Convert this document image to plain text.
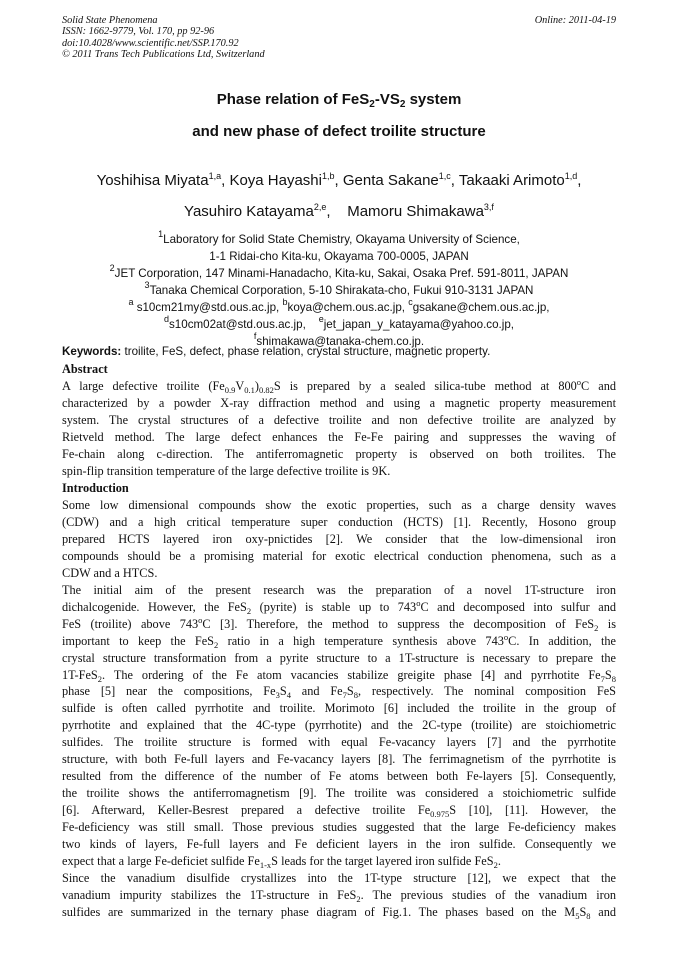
Solid State Phenomena
ISSN: 1662-9779, Vol. 170, pp 92-96
doi:10.4028/www.scientific.net/SSP.170.92
© 2011 Trans Tech Publications Ltd, Switzerland
Online: 2011-04-19
Phase relation of $FeS_2-VS_2$ system
and new phase of defect troilite structure
Yoshihisa Miyata$^{1,a}$, Koya Hayashi$^{1,b}$, Genta Sakane$^{1,c}$, Takaaki Arimoto$^{1,d}$,
Yasuhiro Katayama$^{2,e}$,    Mamoru Shimakawa$^{3,f}$
$^1$Laboratory for Solid State Chemistry, Okayama University of Science,
1-1 Ridai-cho Kita-ku, Okayama 700-0005, JAPAN
$^2$JET Corporation, 147 Minami-Hanadacho, Kita-ku, Sakai, Osaka Pref. 591-8011, JAPAN
$^3$Tanaka Chemical Corporation, 5-10 Shirakata-cho, Fukui 910-3131 JAPAN
$^a$ s10cm21my@std.ous.ac.jp, $^b$koya@chem.ous.ac.jp, $^c$gsakane@chem.ous.ac.jp,
$^d$s10cm02at@std.ous.ac.jp, $^e$jet_japan_y_katayama@yahoo.co.jp,
$^f$shimakawa@tanaka-chem.co.jp.
Keywords: troilite, FeS, defect, phase relation, crystal structure, magnetic property.
Abstract
A large defective troilite $(Fe_{0.9}V_{0.1})_{0.82}S$ is prepared by a sealed silica-tube method at 800$^o$C and
characterized by a powder X-ray diffraction method and using a magnetic property measurement
system. The crystal structures of a defective troilite and non defective troilite are analyzed by
Rietveld method. The large defect enhances the Fe-Fe pairing and suppresses the waving of
Fe-chain along c-direction. The antiferromagnetic property is observed on both troilites. The
spin-flip transition temperature of the large defective troilite is 9K.
Introduction
Some low dimensional compounds show the exotic properties, such as a charge density waves
(CDW) and a high critical temperature super conduction (HCTS) [1]. Recently, Hosono group
prepared HCTS layered iron oxy-pnictides [2]. We consider that the low-dimensional iron
compounds should be a promising material for exotic electrical conduction phenomena, such as a
CDW and a HTCS.
The initial aim of the present research was the preparation of a novel 1T-structure iron
dichalcogenide. However, the FeS$_2$ (pyrite) is stable up to 743$^o$C and decomposed into sulfur and
FeS (troilite) above 743$^o$C [3]. Therefore, the method to suppress the decomposition of FeS$_2$ is
important to keep the FeS$_2$ ratio in a high temperature synthesis above 743$^o$C. In addition, the
crystal structure transformation from a pyrite structure to a 1T-structure is necessary to prepare the
1T-FeS$_2$. The ordering of the Fe atom vacancies stabilize greigite phase [4] and pyrrhotite $Fe_7S_8$
phase [5] near the compositions, $Fe_3S_4$ and $Fe_7S_8$, respectively. The nominal composition FeS
sulfide is often called pyrrhotite and troilite. Morimoto [6] included the troilite in the group of
pyrrhotite and explained that the 4C-type (pyrrhotite) and the 2C-type (troilite) are stoichiometric
sulfides. The troilite structure is formed with equal Fe-vacancy layers [7] and the pyrrhotite
structure, with both Fe-full layers and Fe-vacancy layers [8]. The ferrimagnetism of the pyrrhotite is
resulted from the difference of the number of Fe atoms between both Fe-layers [5]. Consequently,
the troilite shows the antiferromagnetism [9]. The troilite was considered a stoichiometric sulfide
[6]. Afterward, Keller-Besrest prepared a defective troilite $Fe_{0.975}S$ [10], [11]. However, the
Fe-deficiency was still small. Those previous studies suggested that the large Fe-deficiency makes
two kinds of layers, Fe-full layers and Fe deficient layers in the iron sulfide. Consequently we
expect that a large Fe-deficiet sulfide $Fe_{1-x}S$ leads for the target layered iron sulfide FeS$_2$.
Since the vanadium disulfide crystallizes into the 1T-type structure [12], we expect that the
vanadium impurity stabilizes the 1T-structure in FeS$_2$. The previous studies of the vanadium iron
sulfides are summarized in the ternary phase diagram of Fig.1. The phases based on the $M_5S_8$ and
